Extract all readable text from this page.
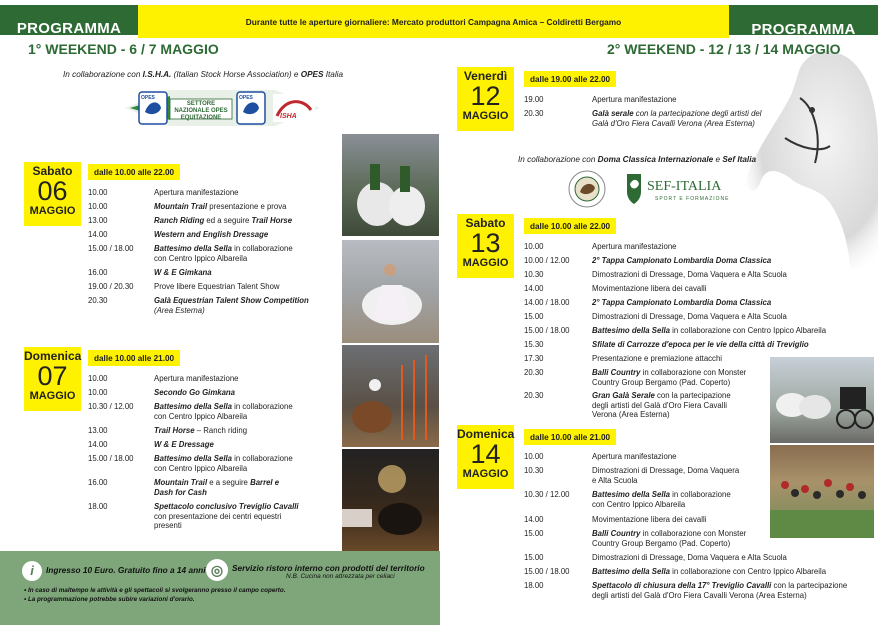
PROGRAMMA	Durante tutte le aperture giornaliere: Mercato produttori Campagna Amica – Coldiretti Bergamo	PROGRAMMA
1° WEEKEND - 6 / 7 MAGGIO	2° WEEKEND - 12 / 13 / 14 MAGGIO
In collaborazione con I.S.H.A. (Italian Stock Horse Association) e OPES Italia
OPES	OPES
SETTORE NAZIONALE OPES EQUITAZIONE	ISHA
Sabato
06
MAGGIO
dalle 10.00 alle 22.00
10.00	Apertura manifestazione
10.00	Mountain Trail presentazione e prova
13.00	Ranch Riding ed a seguire Trail Horse
14.00	Western and English Dressage
15.00 / 18.00	Battesimo della Sella in collaborazione
con Centro Ippico Albareila
16.00	W & E Gimkana
19.00 / 20.30	Prove libere Equestrian Talent Show
20.30	Galà Equestrian Talent Show Competition
(Area Esterna)
Domenica
07
MAGGIO
dalle 10.00 alle 21.00
10.00	Apertura manifestazione
10.00	Secondo Go Gimkana
10.30 / 12.00	Battesimo della Sella in collaborazione
con Centro Ippico Albareila
13.00	Trail Horse – Ranch riding
14.00	W & E Dressage
15.00 / 18.00	Battesimo della Sella in collaborazione
con Centro Ippico Albareila
16.00	Mountain Trail e a seguire Barrel e
Dash for Cash
18.00	Spettacolo conclusivo Treviglio Cavalli
con presentazione dei centri equestri
presenti
Venerdì
12
MAGGIO
dalle 19.00 alle 22.00
19.00	Apertura manifestazione
20.30	Galà serale con la partecipazione degli artisti del
Galà d'Oro Fiera Cavalli Verona (Area Esterna)
In collaborazione con Doma Classica Internazionale e Sef Italia
SEF-ITALIA
SPORT E FORMAZIONE
Sabato
13
MAGGIO
dalle 10.00 alle 22.00
10.00	Apertura manifestazione
10.00 / 12.00	2° Tappa Campionato Lombardia Doma Classica
10.30	Dimostrazioni di Dressage, Doma Vaquera e Alta Scuola
14.00	Movimentazione libera dei cavalli
14.00 / 18.00	2° Tappa Campionato Lombardia Doma Classica
15.00	Dimostrazioni di Dressage, Doma Vaquera e Alta Scuola
15.00 / 18.00	Battesimo della Sella in collaborazione con Centro Ippico Albareila
15.30	Sfilate di Carrozze d'epoca per le vie della città di Treviglio
17.30	Presentazione e premiazione attacchi
20.30	Balli Country in collaborazione con Monster
Country Group Bergamo (Pad. Coperto)
20.30	Gran Galà Serale con la partecipazione
degli artisti del Galà d'Oro Fiera Cavalli
Verona (Area Esterna)
Domenica
14
MAGGIO
dalle 10.00 alle 21.00
10.00	Apertura manifestazione
10.30	Dimostrazioni di Dressage, Doma Vaquera
e Alta Scuola
10.30 / 12.00	Battesimo della Sella in collaborazione
con Centro Ippico Albareila
14.00	Movimentazione libera dei cavalli
15.00	Balli Country in collaborazione con Monster
Country Group Bergamo (Pad. Coperto)
15.00	Dimostrazioni di Dressage, Doma Vaquera e Alta Scuola
15.00 / 18.00	Battesimo della Sella in collaborazione con Centro Ippico Albareila
18.00	Spettacolo di chiusura della 17° Treviglio Cavalli con la partecipazione
degli artisti del Galà d'Oro Fiera Cavalli Verona (Area Esterna)
i	Ingresso 10 Euro. Gratuito fino a 14 anni ◎	Servizio ristoro interno con prodotti del territorio
N.B. Cucina non attrezzata per celiaci
• In caso di maltempo le attività e gli spettacoli si svolgeranno presso il campo coperto.
• La programmazione potrebbe subire variazioni d'orario.
